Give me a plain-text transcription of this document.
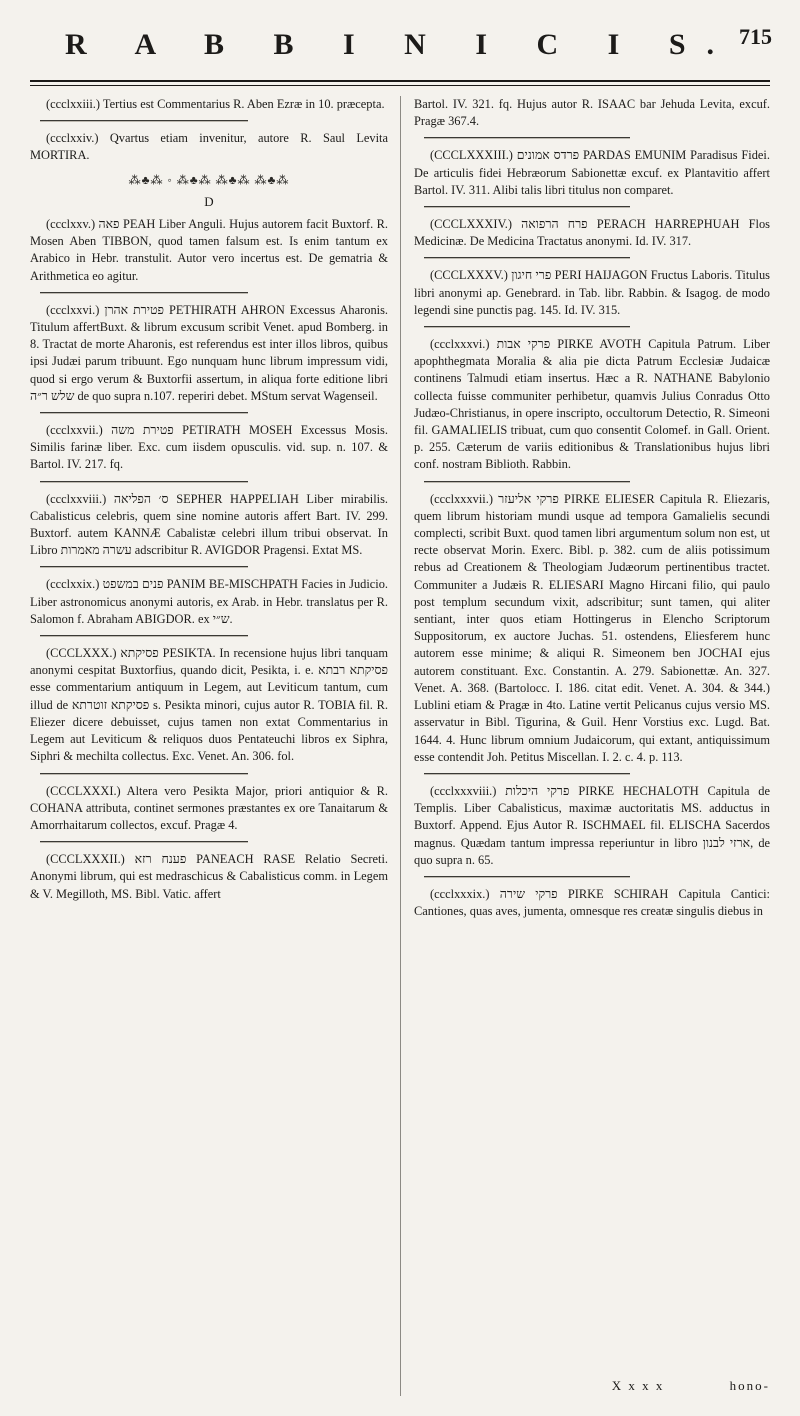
R A B B I N I C I S. 715

(ccclxxiii.) Tertius est Commentarius R. Aben Ezræ in 10. præcepta.

(ccclxxiv.) Qvartus etiam invenitur, autore R. Saul Levita MORTIRA.

⁂♣⁂ ◦ ⁂♣⁂ ⁂♣⁂ ⁂♣⁂
D

(ccclxxv.) פאה PEAH Liber Anguli. Hujus autorem facit Buxtorf. R. Mosen Aben TIBBON, quod tamen falsum est. Is enim tantum ex Arabico in Hebr. transtulit. Autor vero incertus est. De gematria & Arithmetica eo agitur.

(ccclxxvi.) פטירת אהרן PETHIRATH AHRON Excessus Aharonis. Titulum affertBuxt. & librum excusum scribit Venet. apud Bomberg. in 8. Tractat de morte Aharonis, est referendus est inter illos libros, quibus ipsi Judæi parum tribuunt. Ego nunquam hunc librum impressum vidi, quod si ergo verum & Buxtorfii assertum, in aliqua forte editione libri שלש ר״ה de quo supra n.107. reperiri debet. MStum servat Wagenseil.

(ccclxxvii.) פטירת משה PETIRATH MOSEH Excessus Mosis. Similis farinæ liber. Exc. cum iisdem opusculis. vid. sup. n. 107. & Bartol. IV. 217. fq.

(ccclxxviii.) ס׳ הפליאה SEPHER HAPPELIAH Liber mirabilis. Cabalisticus celebris, quem sine nomine autoris affert Bart. IV. 299. Buxtorf. autem KANNÆ Cabalistæ celebri illum tribui observat. In Libro עשרה מאמרות adscribitur R. AVIGDOR Pragensi. Extat MS.

(ccclxxix.) פנים במשפט PANIM BE-MISCHPATH Facies in Judicio. Liber astronomicus anonymi autoris, ex Arab. in Hebr. translatus per R. Salomon f. Abraham ABIGDOR. ex ש״י.

(CCCLXXX.) פסיקתא PESIKTA. In recensione hujus libri tanquam anonymi cespitat Buxtorfius, quando dicit, Pesikta, i. e. פסיקתא רבתא esse commentarium antiquum in Legem, aut Leviticum tantum, cum illud de פסיקתא זוטרתא s. Pesikta minori, cujus autor R. TOBIA fil. R. Eliezer dicere debuisset, cujus tamen non extat Commentarius in Legem aut Leviticum & reliquos duos Pentateuchi libros ex Siphra, Siphri & mechilta collectus. Exc. Venet. An. 306. fol.

(CCCLXXXI.) Altera vero Pesikta Major, priori antiquior & R. COHANA attributa, continet sermones præstantes ex ore Tanaitarum & Amorrhaitarum collectos, excuf. Pragæ 4.

(CCCLXXXII.) פענח רזא PANEACH RASE Relatio Secreti. Anonymi librum, qui est medraschicus & Cabalisticus comm. in Legem & V. Megilloth, MS. Bibl. Vatic. affert

Bartol. IV. 321. fq. Hujus autor R. ISAAC bar Jehuda Levita, excuf. Pragæ 367.4.

(CCCLXXXIII.) פרדס אמונים PARDAS EMUNIM Paradisus Fidei. De articulis fidei Hebræorum Sabionettæ excuf. ex Plantavitio affert Bartol. IV. 311. Alibi talis libri titulus non comparet.

(CCCLXXXIV.) פרח הרפואה PERACH HARREPHUAH Flos Medicinæ. De Medicina Tractatus anonymi. Id. IV. 317.

(CCCLXXXV.) פרי חיגון PERI HAIJAGON Fructus Laboris. Titulus libri anonymi ap. Genebrard. in Tab. libr. Rabbin. & Isagog. de modo legendi sine punctis pag. 145. Id. IV. 315.

(ccclxxxvi.) פרקי אבות PIRKE AVOTH Capitula Patrum. Liber apophthegmata Moralia & alia pie dicta Patrum Ecclesiæ Judaicæ continens Talmudi etiam insertus. Hæc a R. NATHANE Babylonio collecta fuisse communiter perhibetur, quamvis Julius Conradus Otto Judæo-Christianus, in opere inscripto, occultorum Detectio, R. Simeoni fil. GAMALIELIS tribuat, cum quo consentit Colomef. in Gall. Orient. p. 255. Cæterum de variis editionibus & Translationibus hujus libri conf. nostram Biblioth. Rabbin.

(ccclxxxvii.) פרקי אליעזר PIRKE ELIESER Capitula R. Eliezaris, quem librum historiam mundi usque ad tempora Gamalielis secundi complecti, scribit Buxt. quod tamen libri argumentum solum non est, ut recte observat Morin. Exerc. Bibl. p. 382. cum de aliis potissimum rebus ad Creationem & Theologiam Judæorum pertinentibus tractet. Communiter a Judæis R. ELIESARI Magno Hircani filio, qui paulo post templum secundum vixit, adscribitur; sunt tamen, qui aliter sentiant, inter quos etiam Hottingerus in Elencho Scriptorum Suppositorum, ex auctore Juchas. 51. ostendens, Eliesferem hunc autorem esse minime; & aliqui R. Simeonem ben JOCHAI ejus autorem constituant. Exc. Constantin. A. 279. Sabionettæ. An. 327. Venet. A. 368. (Bartolocc. I. 186. citat edit. Venet. A. 304. & 344.) Lublini etiam & Pragæ in 4to. Latine vertit Pelicanus cujus versio MS. asservatur in Bibl. Tigurina, & Guil. Henr Vorstius exc. Lugd. Bat. 1644. 4. Hunc librum omnium Judaicorum, qui extant, antiquissimum esse contendit Joh. Petitus Miscellan. I. 2. c. 4. p. 113.

(ccclxxxviii.) פרקי היכלות PIRKE HECHALOTH Capitula de Templis. Liber Cabalisticus, maximæ auctoritatis MS. adductus in Buxtorf. Append. Ejus Autor R. ISCHMAEL fil. ELISCHA Sacerdos magnus. Quædam tantum impressa reperiuntur in libro ארזי לבנון, de quo supra n. 65.

(ccclxxxix.) פרקי שירה PIRKE SCHIRAH Capitula Cantici: Cantiones, quas aves, jumenta, omnesque res creatæ singulis diebus in

X x x x	hono-
